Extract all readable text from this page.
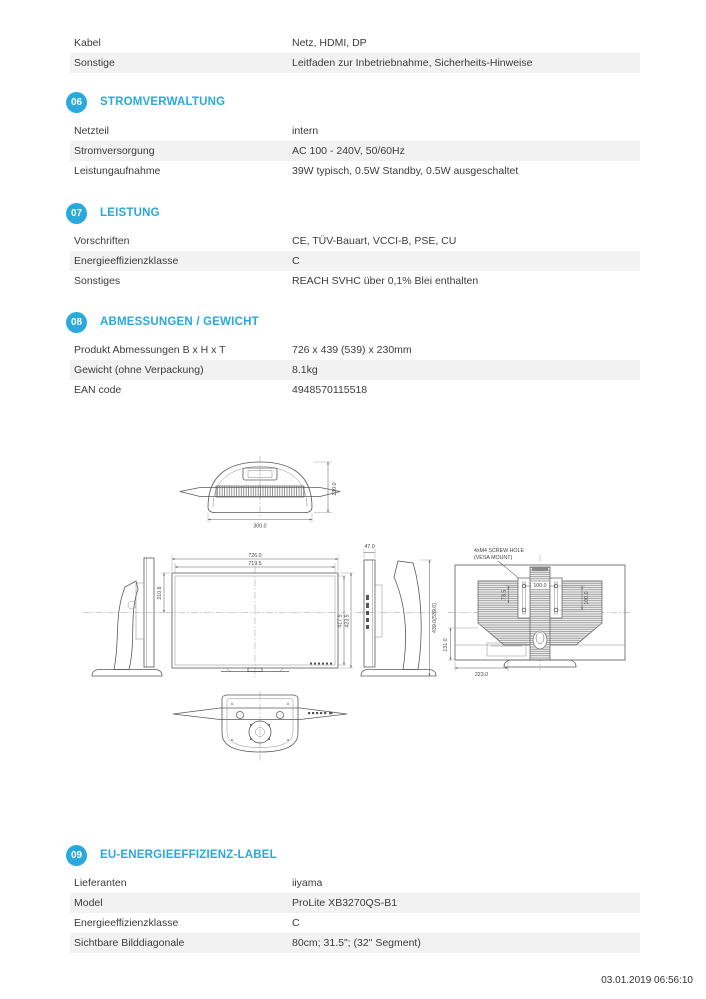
Kabel	Netz, HDMI, DP
Sonstige	Leitfaden zur Inbetriebnahme, Sicherheits-Hinweise
06	STROMVERWALTUNG
Netzteil	intern
Stromversorgung	AC 100 - 240V, 50/60Hz
Leistungaufnahme	39W typisch, 0.5W Standby, 0.5W ausgeschaltet
07	LEISTUNG
Vorschriften	CE, TÜV-Bauart, VCCI-B, PSE, CU
Energieeffizienzklasse	C
Sonstiges	REACH SVHC über 0,1% Blei enthalten
08	ABMESSUNGEN / GEWICHT
Produkt Abmessungen B x H x T	726 x 439 (539) x 230mm
Gewicht (ohne Verpackung)	8.1kg
EAN code	4948570115518
300.0
230.0
726.0
719.5
210.6
417.5 423.5
47.0
439.0(539.0)
4xM4 SCREW HOLE
(VESA MOUNT)
100.0
73.5	100.0
131.0
223.0
09	EU-ENERGIEEFFIZIENZ-LABEL
Lieferanten	iiyama
Model	ProLite XB3270QS-B1
Energieeffizienzklasse	C
Sichtbare Bilddiagonale	80cm; 31.5"; (32" Segment)
03.01.2019 06:56:10
